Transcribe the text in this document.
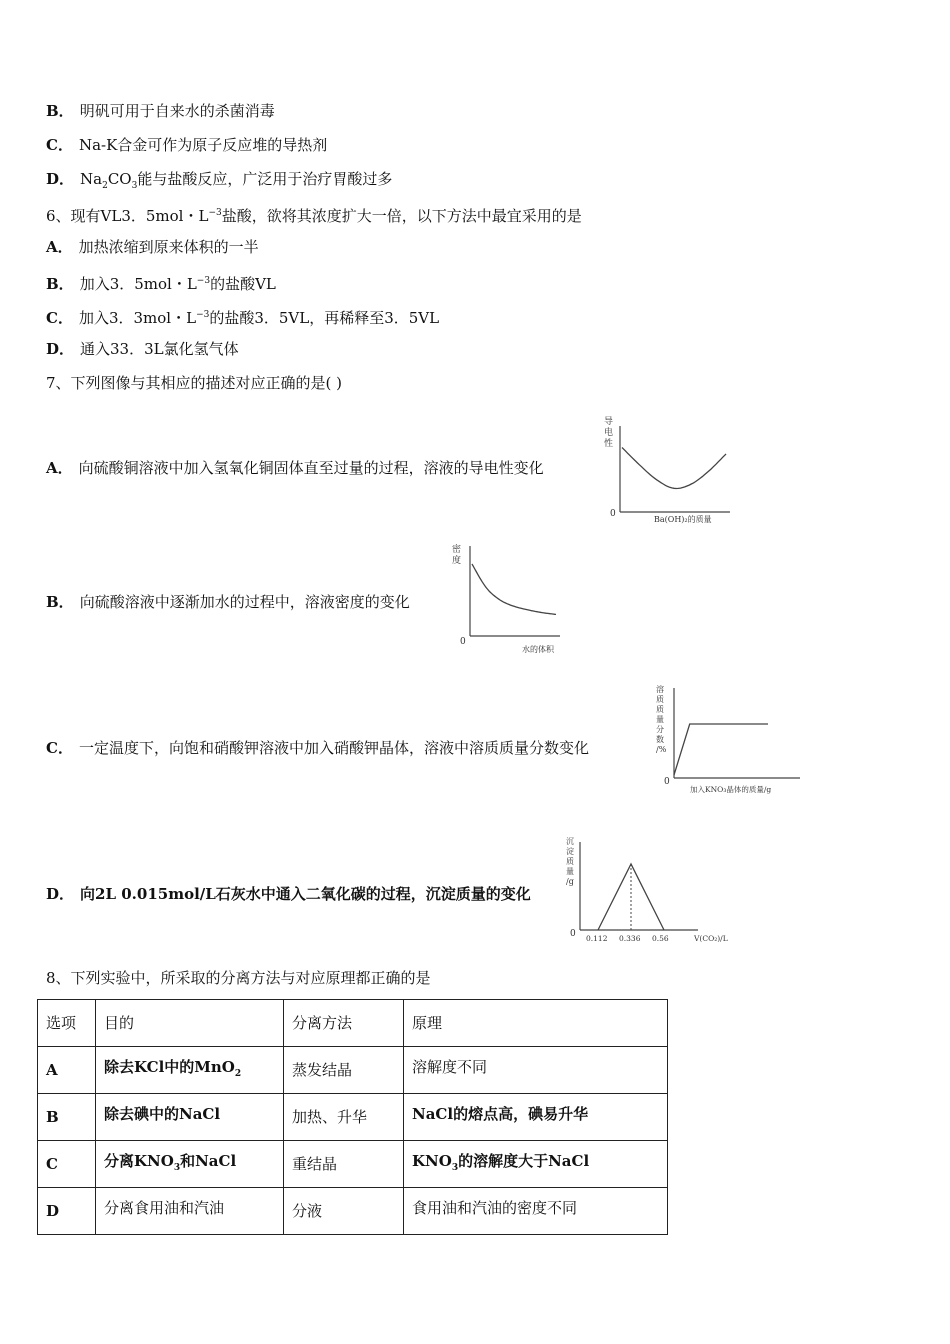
B． 明矾可用于自来水的杀菌消毒
C． Na-K合金可作为原子反应堆的导热剂
D． $Na_2CO_3$能与盐酸反应，广泛用于治疗胃酸过多
6、现有VL3．5mol・$L^{-3}$盐酸，欲将其浓度扩大一倍，以下方法中最宜采用的是
A． 加热浓缩到原来体积的一半
B． 加入3．5mol・$L^{-3}$的盐酸VL
C． 加入3．3mol・$L^{-3}$的盐酸3．5VL，再稀释至3．5VL
D． 通入33．3L氯化氢气体
7、下列图像与其相应的描述对应正确的是( )
A． 向硫酸铜溶液中加入氢氧化铜固体直至过量的过程，溶液的导电性变化
B． 向硫酸溶液中逐渐加水的过程中，溶液密度的变化
C． 一定温度下，向饱和硝酸钾溶液中加入硝酸钾晶体，溶液中溶质质量分数变化
D． 向2L 0.015mol/L石灰水中通入二氧化碳的过程，沉淀质量的变化
导
电
性
0
Ba(OH)₂的质量
密
度
0
水的体积
溶
质
质
量
分
数
/%
0
加入KNO₃晶体的质量/g
沉
淀
质
量
/g
0 0.112 0.336 0.56	V(CO₂)/L
8、下列实验中，所采取的分离方法与对应原理都正确的是
选项	目的	分离方法	原理
A	除去KCl中的MnO$_2$	蒸发结晶	溶解度不同
B	除去碘中的NaCl	加热、升华	NaCl的熔点高，碘易升华
C	分离$KNO_3$和NaCl	重结晶	$KNO_3$的溶解度大于NaCl
D	分离食用油和汽油	分液	食用油和汽油的密度不同
